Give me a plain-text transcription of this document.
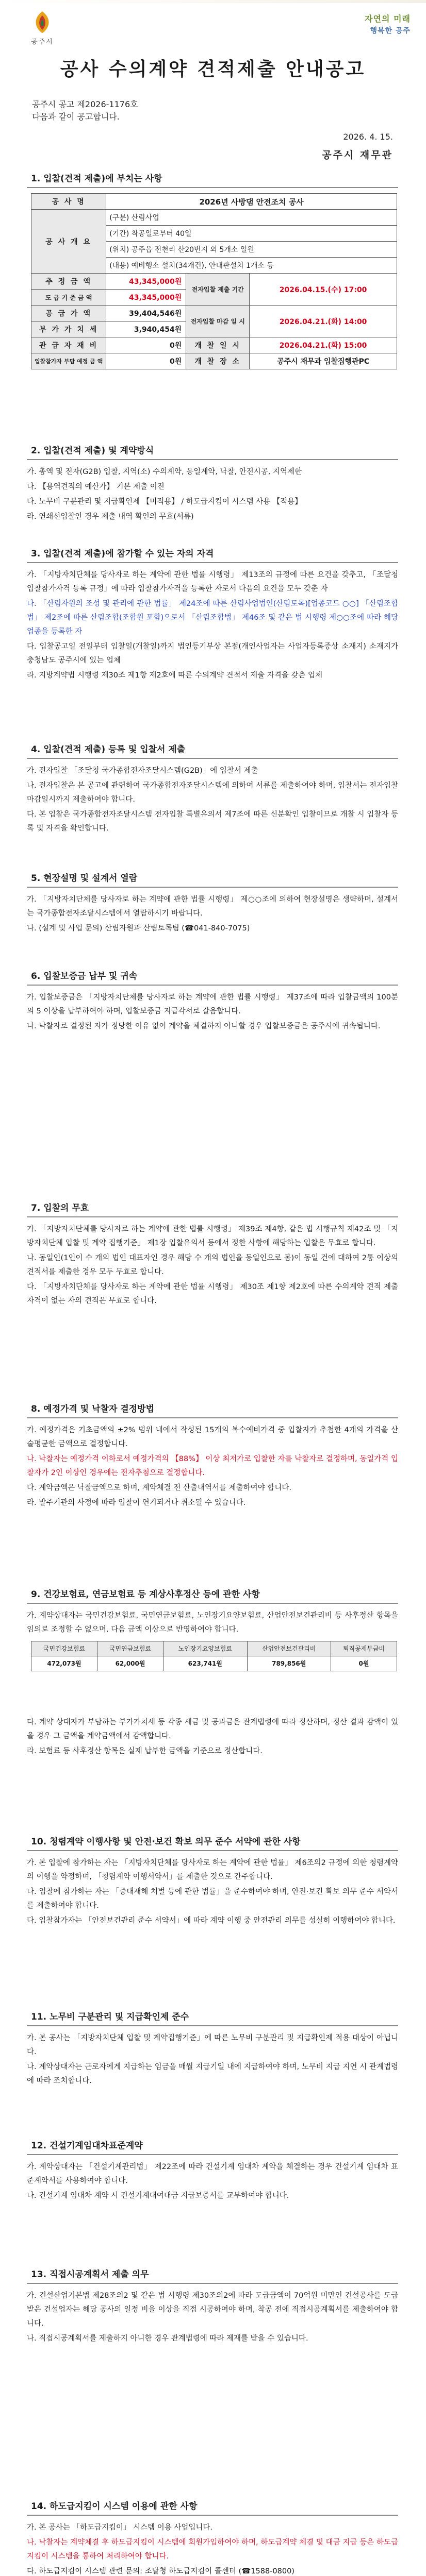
공주시
자연의 미래
행복한 공주
공사 수의계약 견적제출 안내공고
공주시 공고 제2026-1176호
다음과 같이 공고합니다.
2026. 4. 15.
공주시 재무관
1. 입찰(견적 제출)에 부치는 사항
공 사 명	2026년 사방댐 안전조치 공사		
공 사 개 요	(구분) 산림사업		
	(기간) 착공일로부터 40일		
	(위치) 공주읍 전천리 산20번지 외 5개소 일원		
	(내용) 예비행소 설치(34개건), 안내판설치 1개소 등		
추 정 금 액	43,345,000원	전자입찰 제출 기간	2026.04.15.(수) 17:00
도 급 기 준 금 액	43,345,000원		
공 급 가 액	39,404,546원	전자입찰 마감 일 시	2026.04.21.(화) 14:00
부 가 가 치 세	3,940,454원		
관 급 자 재 비	0원	개 찰 일 시	2026.04.21.(화) 15:00
입찰참가자 부담 예정 금 액	0원	개 찰 장 소	공주시 재무과 입찰집행관PC
2. 입찰(견적 제출) 및 계약방식

가. 총액 및 전자(G2B) 입찰, 지역(소) 수의계약, 동일계약, 낙찰, 안전시공, 지역제한

나. 【용역견적의 예산가】 기본 제출 이전

다. 노무비 구분관리 및 지급확인제 【미적용】 / 하도급지킴이 시스템 사용 【적용】

라. 연쇄선입찰인 경우 제출 내역 확인의 무효(서류)

3. 입찰(견적 제출)에 참가할 수 있는 자의 자격

가. 「지방자치단체를 당사자로 하는 계약에 관한 법률 시행령」 제13조의 규정에 따른 요건을 갖추고, 「조달청 입찰참가자격 등록 규정」에 따라 입찰참가자격을 등록한 자로서 다음의 요건을 모두 갖춘 자

나. 「산림자원의 조성 및 관리에 관한 법률」 제24조에 따른 산림사업법인(산림토목)[업종코드 ○○] 「산림조합법」 제2조에 따른 산림조합(조합원 포함)으로서 「산림조합법」 제46조 및 같은 법 시행령 제○○조에 따라 해당 업종을 등록한 자

다. 입찰공고일 전일부터 입찰일(개찰일)까지 법인등기부상 본점(개인사업자는 사업자등록증상 소재지) 소재지가 충청남도 공주시에 있는 업체

라. 지방계약법 시행령 제30조 제1항 제2호에 따른 수의계약 견적서 제출 자격을 갖춘 업체

4. 입찰(견적 제출) 등록 및 입찰서 제출

가. 전자입찰 「조달청 국가종합전자조달시스템(G2B)」에 입찰서 제출

나. 전자입찰은 본 공고에 관련하여 국가종합전자조달시스템에 의하여 서류를 제출하여야 하며, 입찰서는 전자입찰 마감일시까지 제출하여야 합니다.

다. 본 입찰은 국가종합전자조달시스템 전자입찰 특별유의서 제7조에 따른 신분확인 입찰이므로 개찰 시 입찰자 등록 및 자격을 확인합니다.

5. 현장설명 및 설계서 열람

가. 「지방자치단체를 당사자로 하는 계약에 관한 법률 시행령」 제○○조에 의하여 현장설명은 생략하며, 설계서는 국가종합전자조달시스템에서 열람하시기 바랍니다.

나. (설계 및 사업 문의) 산림자원과 산림토목팀 (☎041-840-7075)

6. 입찰보증금 납부 및 귀속

가. 입찰보증금은 「지방자치단체를 당사자로 하는 계약에 관한 법률 시행령」 제37조에 따라 입찰금액의 100분의 5 이상을 납부하여야 하며, 입찰보증금 지급각서로 갈음합니다.

나. 낙찰자로 결정된 자가 정당한 이유 없이 계약을 체결하지 아니할 경우 입찰보증금은 공주시에 귀속됩니다.

7. 입찰의 무효

가. 「지방자치단체를 당사자로 하는 계약에 관한 법률 시행령」 제39조 제4항, 같은 법 시행규칙 제42조 및 「지방자치단체 입찰 및 계약 집행기준」 제1장 입찰유의서 등에서 정한 사항에 해당하는 입찰은 무효로 합니다.

나. 동일인(1인이 수 개의 법인 대표자인 경우 해당 수 개의 법인을 동일인으로 봄)이 동일 건에 대하여 2통 이상의 견적서를 제출한 경우 모두 무효로 합니다.

다. 「지방자치단체를 당사자로 하는 계약에 관한 법률 시행령」 제30조 제1항 제2호에 따른 수의계약 견적 제출 자격이 없는 자의 견적은 무효로 합니다.

8. 예정가격 및 낙찰자 결정방법

가. 예정가격은 기초금액의 ±2% 범위 내에서 작성된 15개의 복수예비가격 중 입찰자가 추첨한 4개의 가격을 산술평균한 금액으로 결정합니다.

나. 낙찰자는 예정가격 이하로서 예정가격의 【88%】 이상 최저가로 입찰한 자를 낙찰자로 결정하며, 동일가격 입찰자가 2인 이상인 경우에는 전자추첨으로 결정합니다.

다. 계약금액은 낙찰금액으로 하며, 계약체결 전 산출내역서를 제출하여야 합니다.

라. 발주기관의 사정에 따라 입찰이 연기되거나 취소될 수 있습니다.

9. 건강보험료, 연금보험료 등 계상사후정산 등에 관한 사항

가. 계약상대자는 국민건강보험료, 국민연금보험료, 노인장기요양보험료, 산업안전보건관리비 등 사후정산 항목을 임의로 조정할 수 없으며, 다음 금액 이상으로 반영하여야 합니다.

국민건강보험료	국민연금보험료	노인장기요양보험료	산업안전보건관리비	퇴직공제부금비
472,073원	62,000원	623,741원	789,856원	0원

다. 계약 상대자가 부담하는 부가가치세 등 각종 세금 및 공과금은 관계법령에 따라 정산하며, 정산 결과 감액이 있을 경우 그 금액을 계약금액에서 감액합니다.

라. 보험료 등 사후정산 항목은 실제 납부한 금액을 기준으로 정산합니다.

10. 청렴계약 이행사항 및 안전·보건 확보 의무 준수 서약에 관한 사항

가. 본 입찰에 참가하는 자는 「지방자치단체를 당사자로 하는 계약에 관한 법률」 제6조의2 규정에 의한 청렴계약의 이행을 약정하며, 「청렴계약 이행서약서」를 제출한 것으로 간주합니다.

나. 입찰에 참가하는 자는 「중대재해 처벌 등에 관한 법률」을 준수하여야 하며, 안전·보건 확보 의무 준수 서약서를 제출하여야 합니다.

다. 입찰참가자는 「안전보건관리 준수 서약서」에 따라 계약 이행 중 안전관리 의무를 성실히 이행하여야 합니다.

11. 노무비 구분관리 및 지급확인제 준수

가. 본 공사는 「지방자치단체 입찰 및 계약집행기준」에 따른 노무비 구분관리 및 지급확인제 적용 대상이 아닙니다.

나. 계약상대자는 근로자에게 지급하는 임금을 매월 지급기일 내에 지급하여야 하며, 노무비 지급 지연 시 관계법령에 따라 조치합니다.

12. 건설기계임대차표준계약

가. 계약상대자는 「건설기계관리법」 제22조에 따라 건설기계 임대차 계약을 체결하는 경우 건설기계 임대차 표준계약서를 사용하여야 합니다.

나. 건설기계 임대차 계약 시 건설기계대여대금 지급보증서를 교부하여야 합니다.

13. 직접시공계획서 제출 의무

가. 건설산업기본법 제28조의2 및 같은 법 시행령 제30조의2에 따라 도급금액이 70억원 미만인 건설공사를 도급받은 건설업자는 해당 공사의 일정 비율 이상을 직접 시공하여야 하며, 착공 전에 직접시공계획서를 제출하여야 합니다.

나. 직접시공계획서를 제출하지 아니한 경우 관계법령에 따라 제재를 받을 수 있습니다.

14. 하도급지킴이 시스템 이용에 관한 사항

가. 본 공사는 「하도급지킴이」 시스템 이용 사업입니다.

나. 낙찰자는 계약체결 후 하도급지킴이 시스템에 회원가입하여야 하며, 하도급계약 체결 및 대금 지급 등은 하도급지킴이 시스템을 통하여 처리하여야 합니다.

다. 하도급지킴이 시스템 관련 문의: 조달청 하도급지킴이 콜센터 (☎1588-0800)
